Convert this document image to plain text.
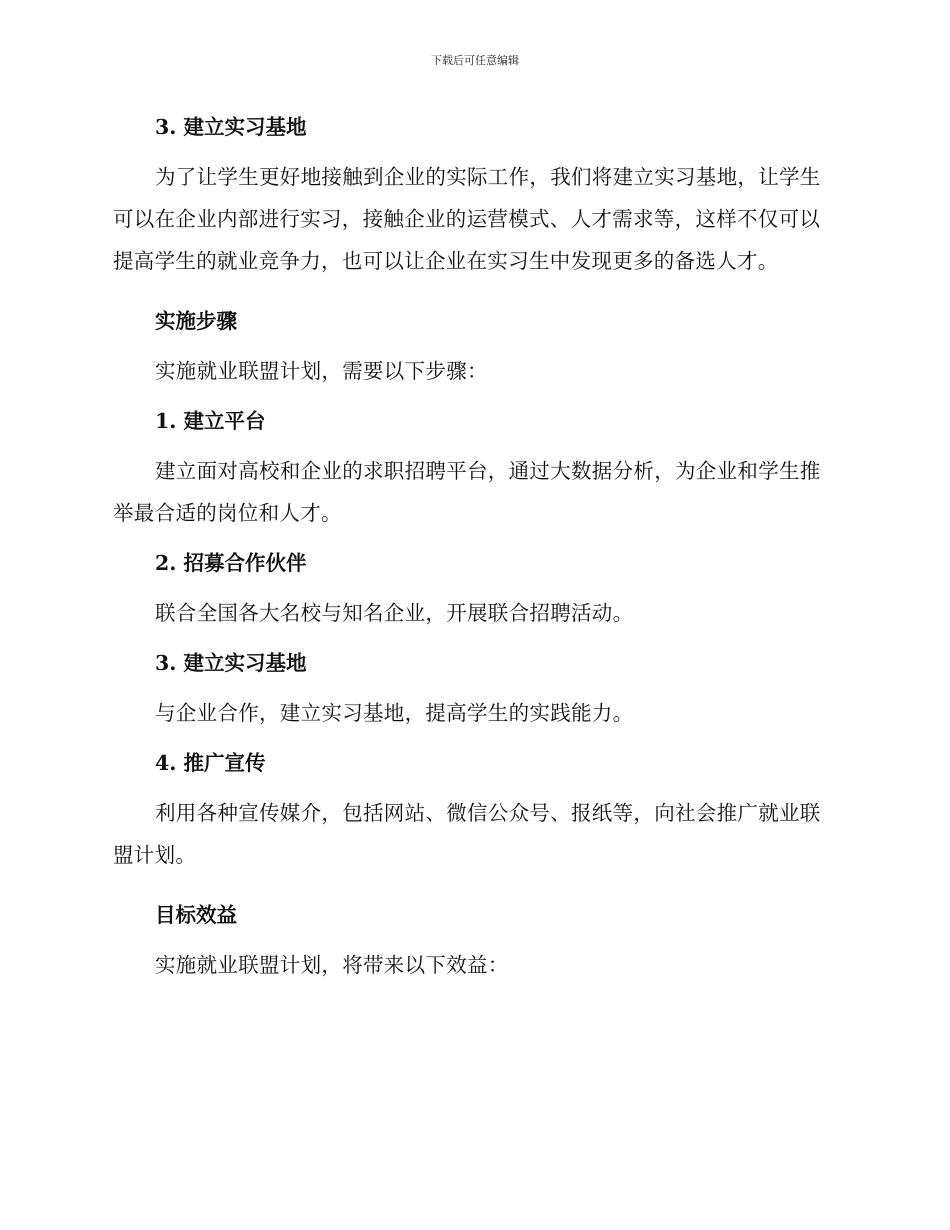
下载后可任意编辑
3. 建立实习基地

为了让学生更好地接触到企业的实际工作，我们将建立实习基地，让学生可以在企业内部进行实习，接触企业的运营模式、人才需求等，这样不仅可以提高学生的就业竞争力，也可以让企业在实习生中发现更多的备选人才。

实施步骤

实施就业联盟计划，需要以下步骤：

1. 建立平台

建立面对高校和企业的求职招聘平台，通过大数据分析，为企业和学生推举最合适的岗位和人才。

2. 招募合作伙伴

联合全国各大名校与知名企业，开展联合招聘活动。

3. 建立实习基地

与企业合作，建立实习基地，提高学生的实践能力。

4. 推广宣传

利用各种宣传媒介，包括网站、微信公众号、报纸等，向社会推广就业联盟计划。

目标效益

实施就业联盟计划，将带来以下效益：
